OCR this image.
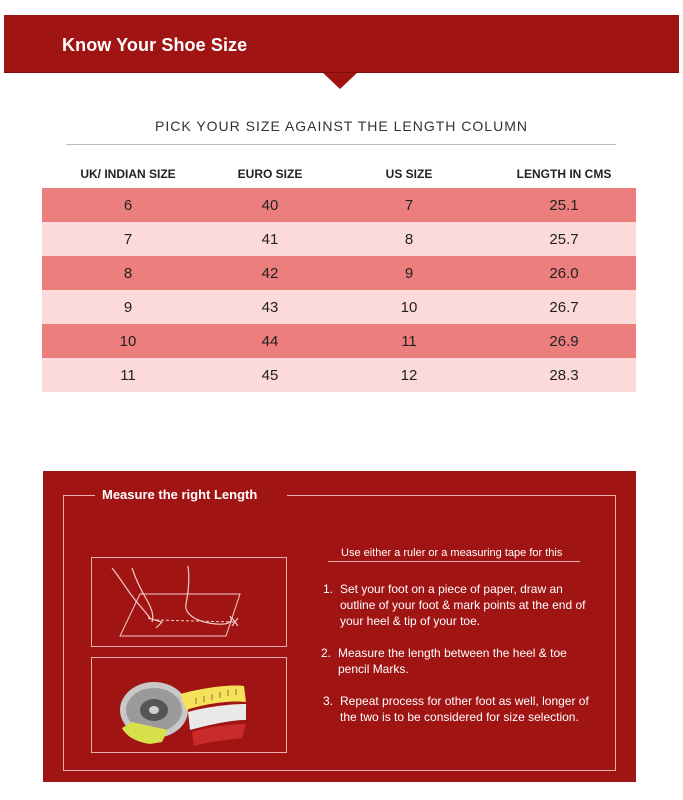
Know Your Shoe Size
PICK YOUR SIZE AGAINST THE LENGTH COLUMN
UK/ INDIAN SIZE	EURO SIZE	US SIZE	LENGTH IN CMS
6	40	7	25.1
7	41	8	25.7
8	42	9	26.0
9	43	10	26.7
10	44	11	26.9
11	45	12	28.3
Measure the right Length
Use either a ruler or a measuring tape for this
1. Set your foot on a piece of paper, draw an outline of your foot & mark points at the end of your heel & tip of your toe.
2. Measure the length between the heel & toe pencil Marks.
3. Repeat process for other foot as well, longer of the two is to be considered for size selection.
